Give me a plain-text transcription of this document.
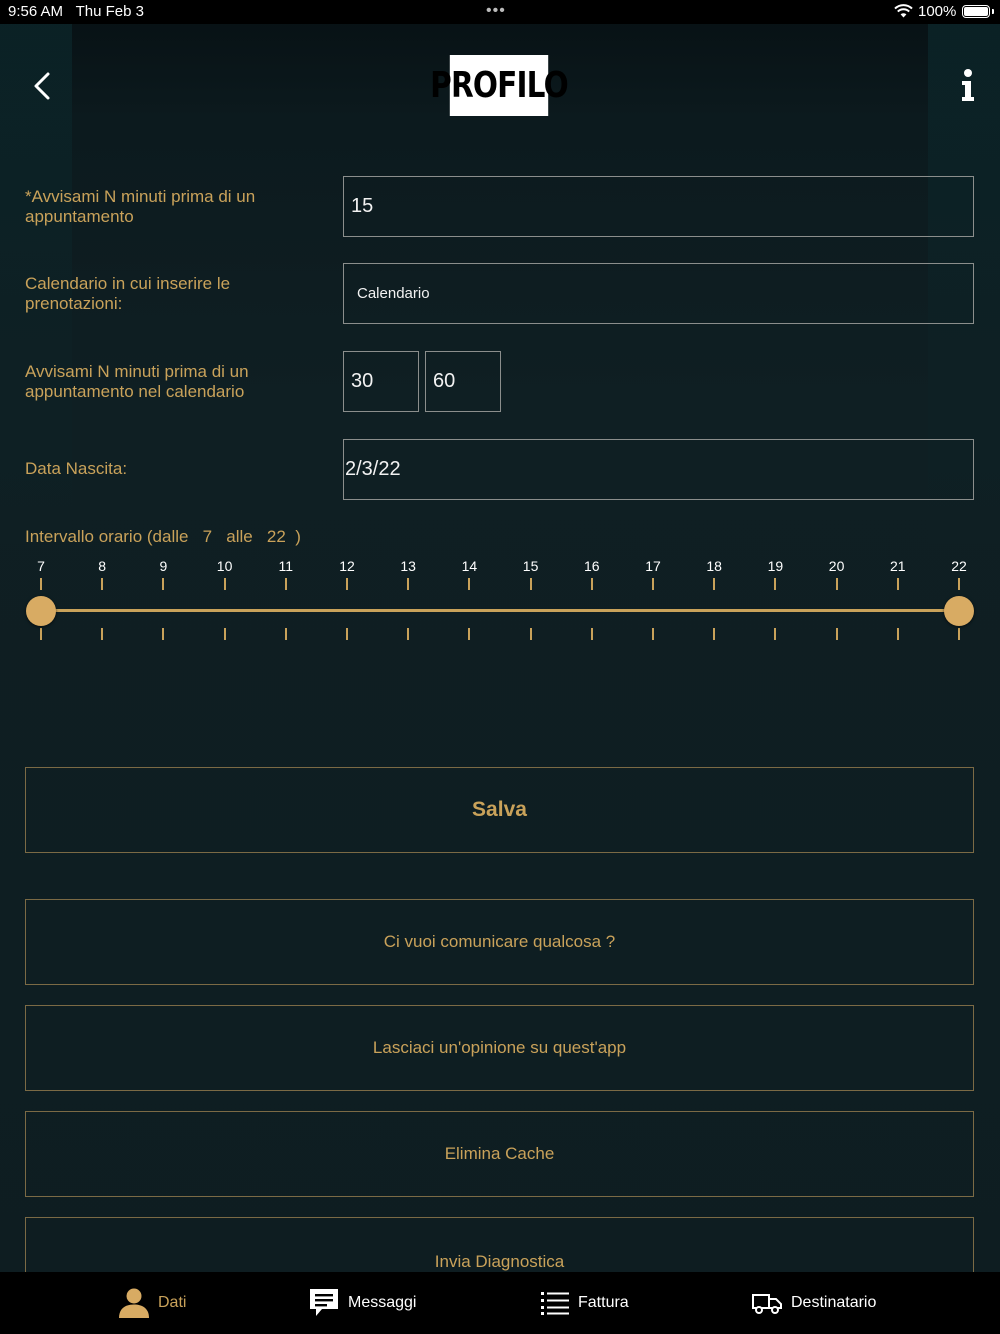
9:56 AM Thu Feb 3	•••	100%
PROFILO
*Avvisami N minuti prima di un appuntamento	15
Calendario in cui inserire le prenotazioni:
Calendario
Avvisami N minuti prima di un appuntamento nel calendario	30	60
Data Nascita:	2/3/22
Intervallo orario (dalle 7 alle 22 )
7	8	9	10	11	12	13	14	15	16	17	18	19	20	21	22
Salva
Ci vuoi comunicare qualcosa ?
Lasciaci un'opinione su quest'app
Elimina Cache
Invia Diagnostica
Dati	Messaggi	Fattura	Destinatario
